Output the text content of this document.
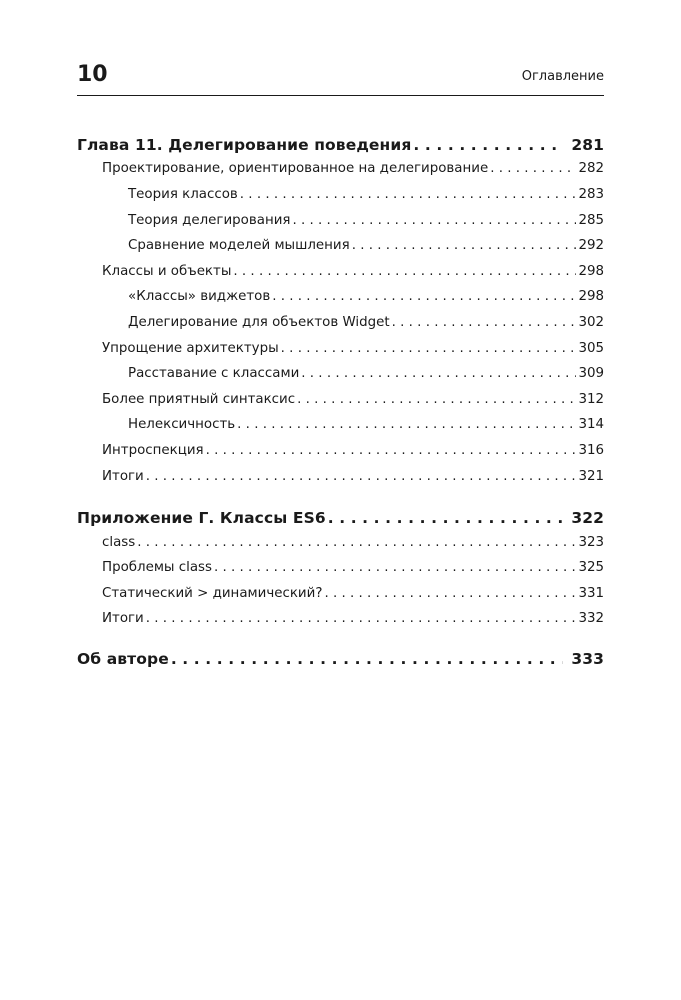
10	Оглавление
Глава 11. Делегирование поведения . . .	281
Проектирование, ориентированное на делегирование . . .	282
Теория классов . . .	283
Теория делегирования . . .	285
Сравнение моделей мышления . . .	292
Классы и объекты . . .	298
«Классы» виджетов . . .	298
Делегирование для объектов Widget . . .	302
Упрощение архитектуры . . .	305
Расставание с классами . . .	309
Более приятный синтаксис . . .	312
Нелексичность . . .	314
Интроспекция . . .	316
Итоги . . .	321
Приложение Г. Классы ES6 . . .	322
class . . .	323
Проблемы class . . .	325
Статический > динамический? . . .	331
Итоги . . .	332
Об авторе . . .	333
